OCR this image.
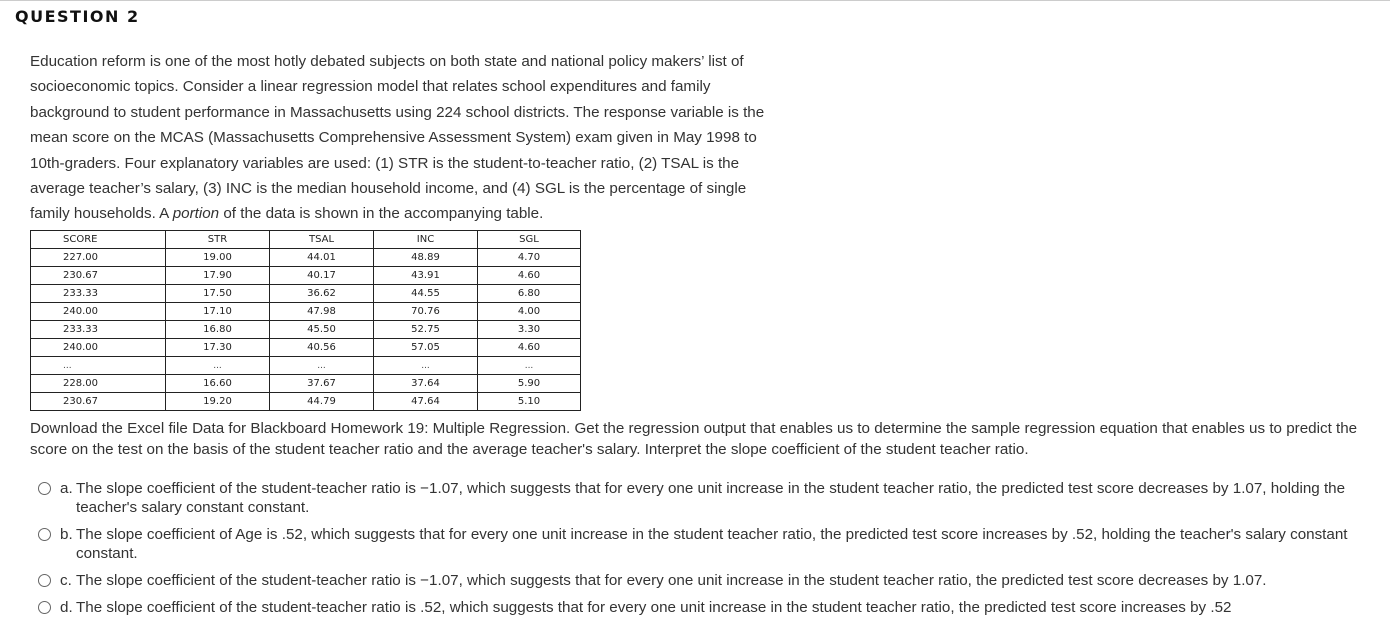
QUESTION 2
Education reform is one of the most hotly debated subjects on both state and national policy makers’ list of socioeconomic topics. Consider a linear regression model that relates school expenditures and family background to student performance in Massachusetts using 224 school districts. The response variable is the mean score on the MCAS (Massachusetts Comprehensive Assessment System) exam given in May 1998 to 10th-graders. Four explanatory variables are used: (1) STR is the student-to-teacher ratio, (2) TSAL is the average teacher’s salary, (3) INC is the median household income, and (4) SGL is the percentage of single family households. A portion of the data is shown in the accompanying table.
SCORE	STR	TSAL	INC	SGL
227.00	19.00	44.01	48.89	4.70
230.67	17.90	40.17	43.91	4.60
233.33	17.50	36.62	44.55	6.80
240.00	17.10	47.98	70.76	4.00
233.33	16.80	45.50	52.75	3.30
240.00	17.30	40.56	57.05	4.60
...	...	...	...	...
228.00	16.60	37.67	37.64	5.90
230.67	19.20	44.79	47.64	5.10
Download the Excel file Data for Blackboard Homework 19: Multiple Regression. Get the regression output that enables us to determine the sample regression equation that enables us to predict the score on the test on the basis of the student teacher ratio and the average teacher's salary. Interpret the slope coefficient of the student teacher ratio.
a. The slope coefficient of the student-teacher ratio is −1.07, which suggests that for every one unit increase in the student teacher ratio, the predicted test score decreases by 1.07, holding the teacher's salary constant constant.
b. The slope coefficient of Age is .52, which suggests that for every one unit increase in the student teacher ratio, the predicted test score increases by .52, holding the teacher's salary constant constant.
c. The slope coefficient of the student-teacher ratio is −1.07, which suggests that for every one unit increase in the student teacher ratio, the predicted test score decreases by 1.07.
d. The slope coefficient of the student-teacher ratio is .52, which suggests that for every one unit increase in the student teacher ratio, the predicted test score increases by .52
